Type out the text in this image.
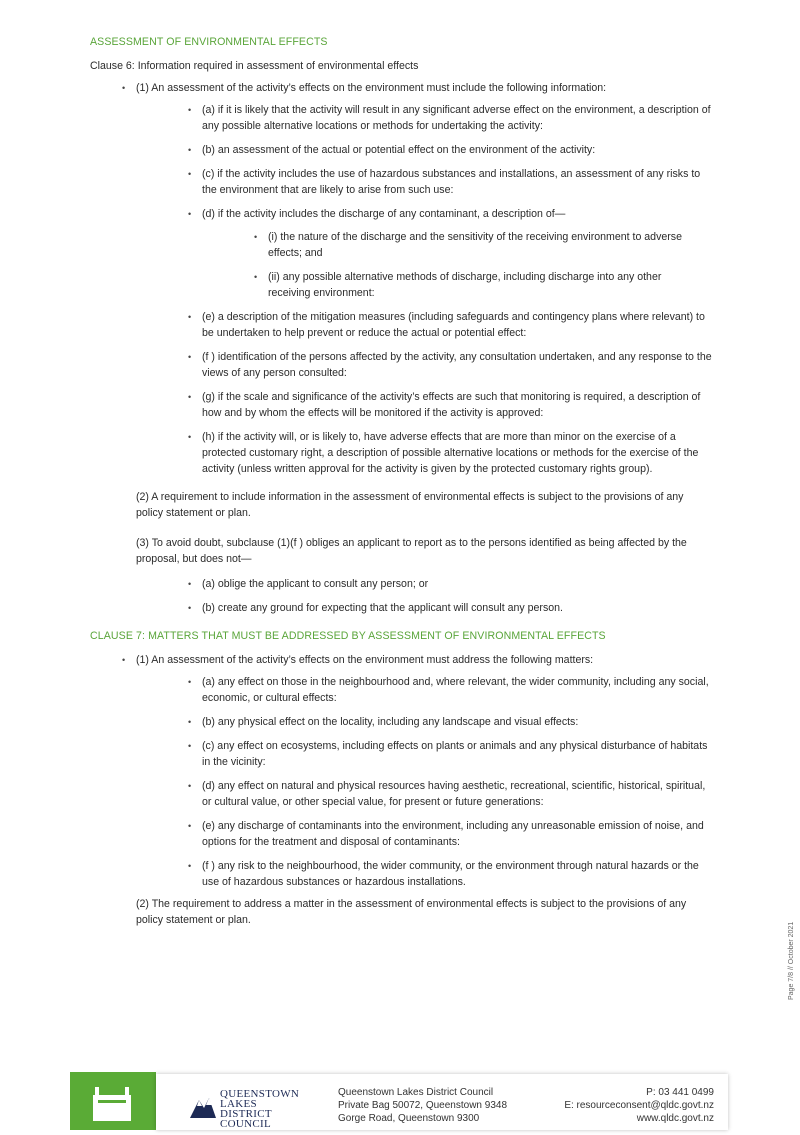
ASSESSMENT OF ENVIRONMENTAL EFFECTS
Clause 6: Information required in assessment of environmental effects
• (1) An assessment of the activity’s effects on the environment must include the following information:
• (a) if it is likely that the activity will result in any significant adverse effect on the environment, a description of any possible alternative locations or methods for undertaking the activity:
• (b) an assessment of the actual or potential effect on the environment of the activity:
• (c) if the activity includes the use of hazardous substances and installations, an assessment of any risks to the environment that are likely to arise from such use:
• (d) if the activity includes the discharge of any contaminant, a description of—
• (i) the nature of the discharge and the sensitivity of the receiving environment to adverse effects; and
• (ii) any possible alternative methods of discharge, including discharge into any other receiving environment:
• (e) a description of the mitigation measures (including safeguards and contingency plans where relevant) to be undertaken to help prevent or reduce the actual or potential effect:
• (f ) identification of the persons affected by the activity, any consultation undertaken, and any response to the views of any person consulted:
• (g) if the scale and significance of the activity’s effects are such that monitoring is required, a description of how and by whom the effects will be monitored if the activity is approved:
• (h) if the activity will, or is likely to, have adverse effects that are more than minor on the exercise of a protected customary right, a description of possible alternative locations or methods for the exercise of the activity (unless written approval for the activity is given by the protected customary rights group).
(2) A requirement to include information in the assessment of environmental effects is subject to the provisions of any policy statement or plan.
(3) To avoid doubt, subclause (1)(f ) obliges an applicant to report as to the persons identified as being affected by the proposal, but does not—
• (a) oblige the applicant to consult any person; or
• (b) create any ground for expecting that the applicant will consult any person.
CLAUSE 7: MATTERS THAT MUST BE ADDRESSED BY ASSESSMENT OF ENVIRONMENTAL EFFECTS
• (1) An assessment of the activity’s effects on the environment must address the following matters:
• (a) any effect on those in the neighbourhood and, where relevant, the wider community, including any social, economic, or cultural effects:
• (b) any physical effect on the locality, including any landscape and visual effects:
• (c) any effect on ecosystems, including effects on plants or animals and any physical disturbance of habitats in the vicinity:
• (d) any effect on natural and physical resources having aesthetic, recreational, scientific, historical, spiritual, or cultural value, or other special value, for present or future generations:
• (e) any discharge of contaminants into the environment, including any unreasonable emission of noise, and options for the treatment and disposal of contaminants:
• (f ) any risk to the neighbourhood, the wider community, or the environment through natural hazards or the use of hazardous substances or hazardous installations.
(2) The requirement to address a matter in the assessment of environmental effects is subject to the provisions of any policy statement or plan.
Page 7/8 // October 2021
QUEENSTOWN
LAKES DISTRICT
COUNCIL
Queenstown Lakes District Council
Private Bag 50072, Queenstown 9348
Gorge Road, Queenstown 9300
P: 03 441 0499
E: resourceconsent@qldc.govt.nz
www.qldc.govt.nz
